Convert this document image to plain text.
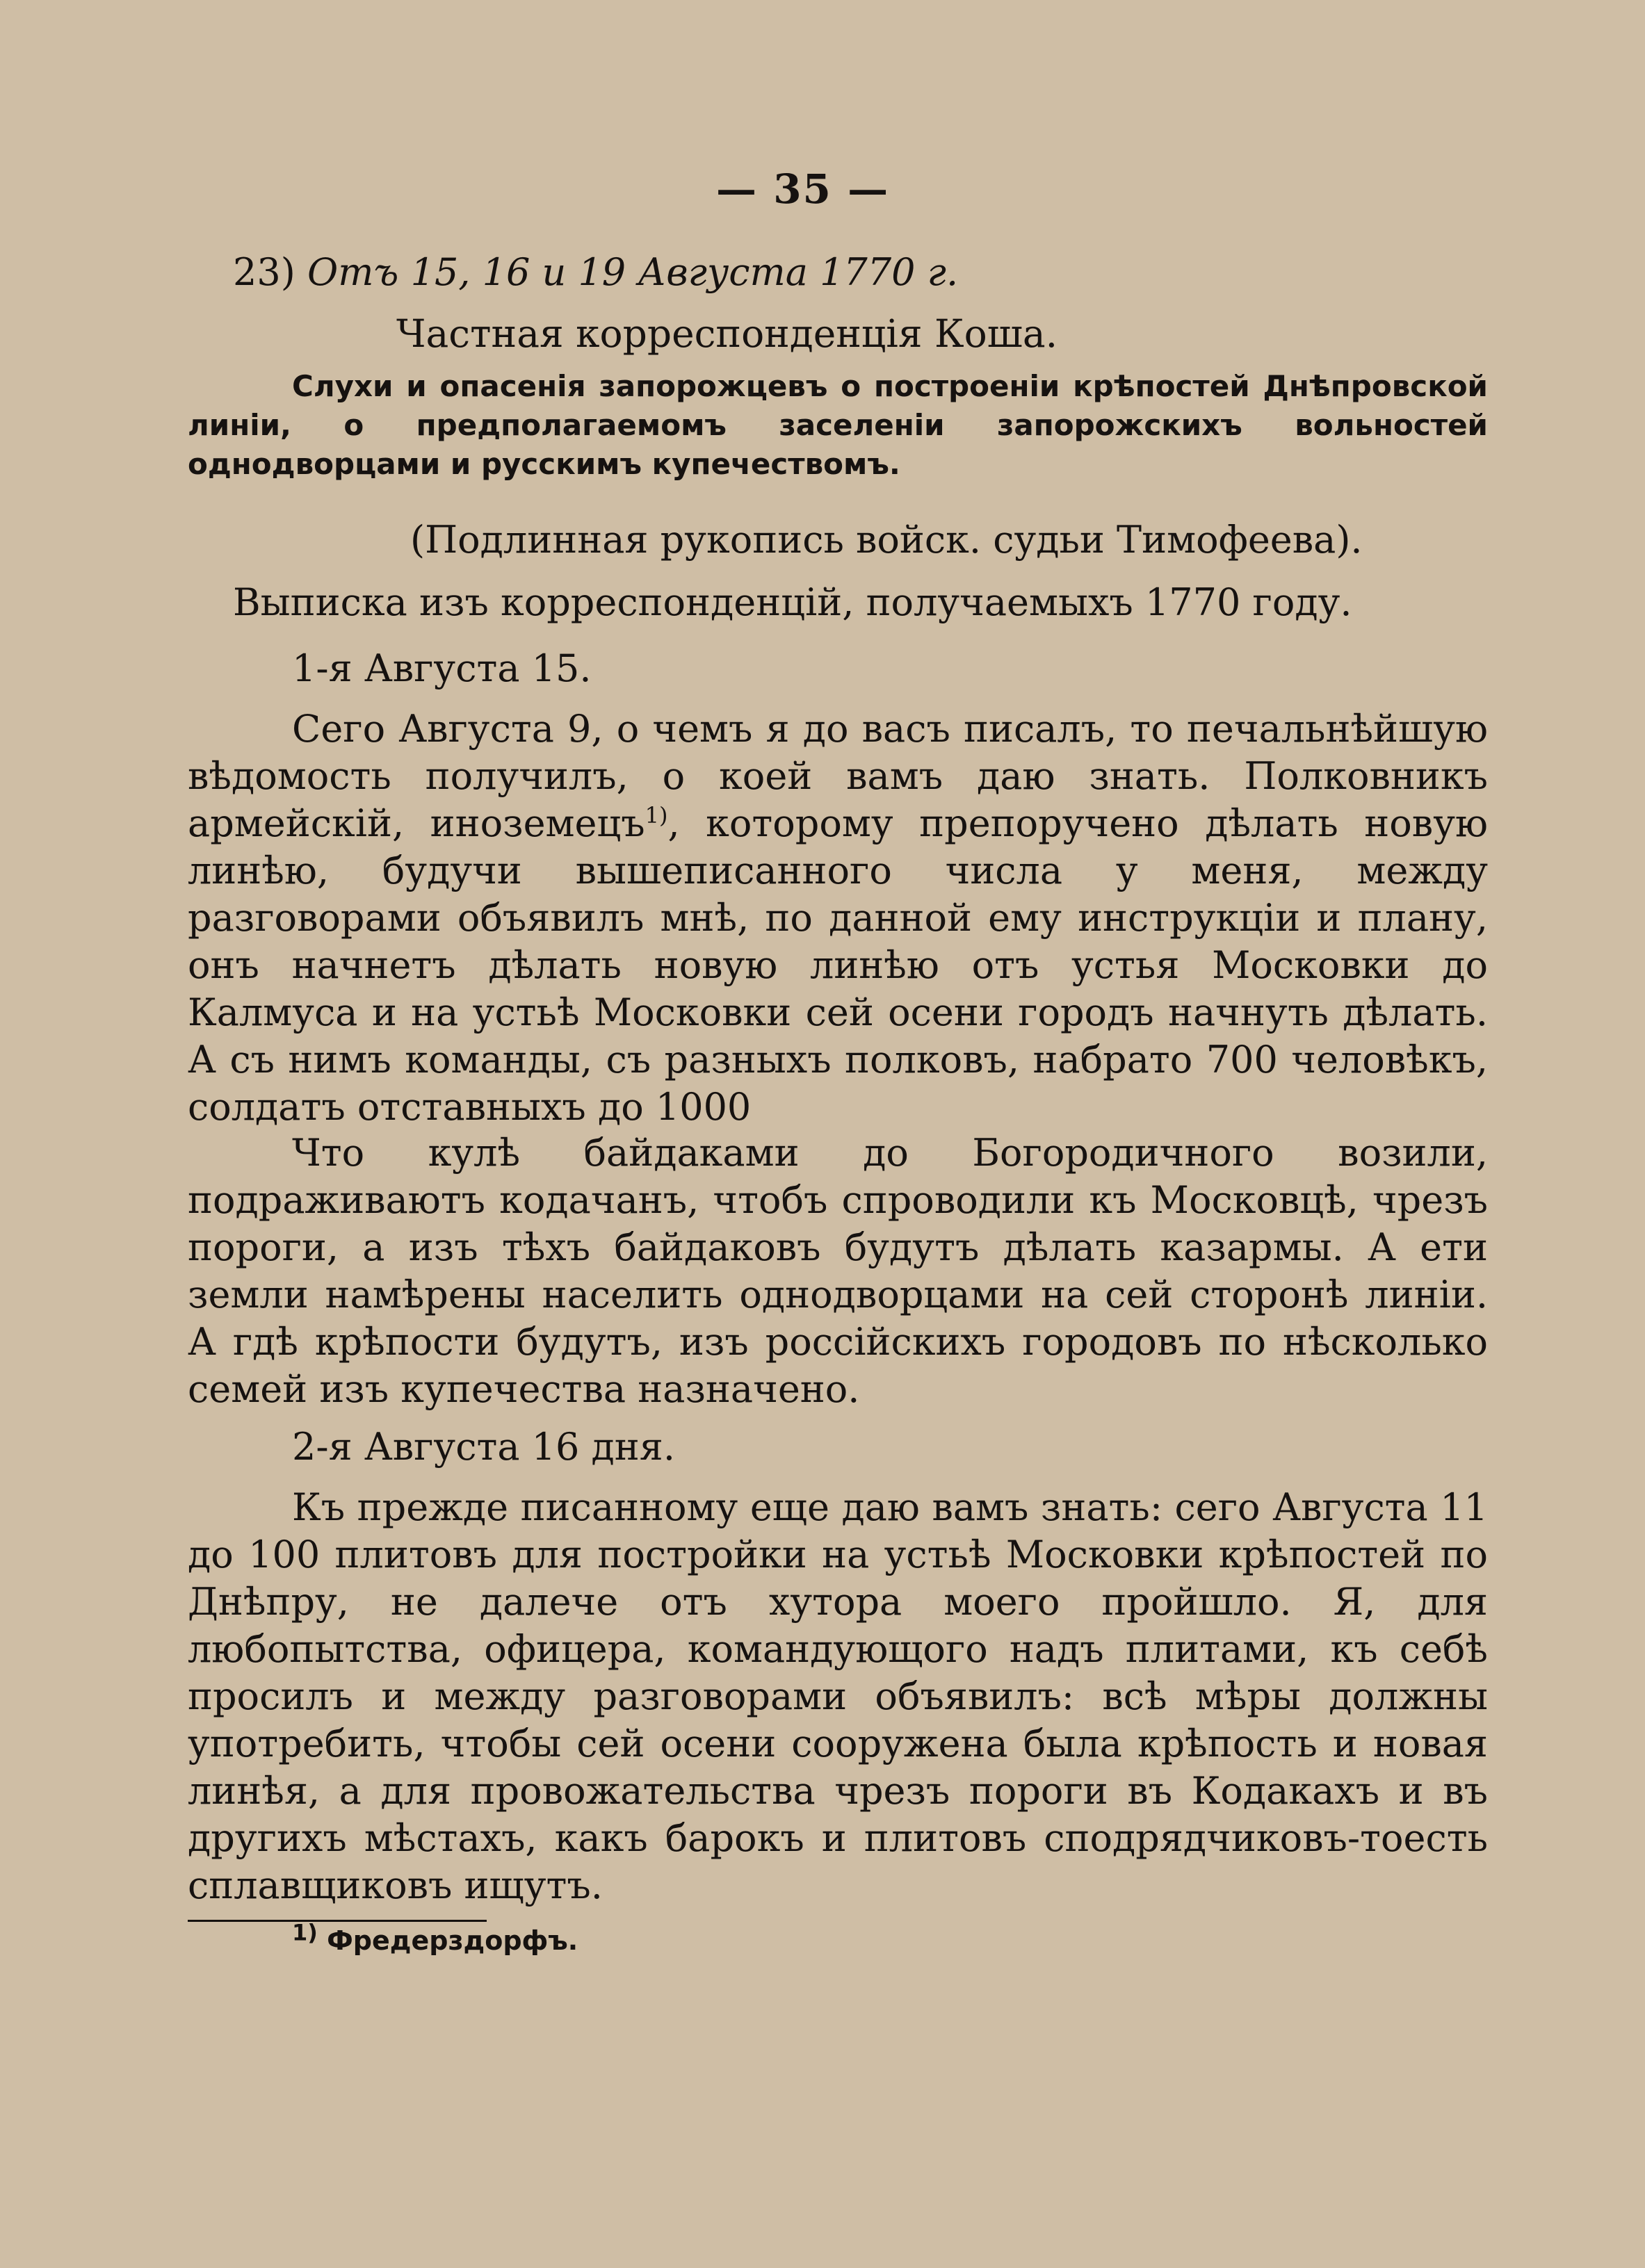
— 35 —
23) Отъ 15, 16 и 19 Августа 1770 г.
Частная корреспонденція Коша.
Слухи и опасенія запорожцевъ о построеніи крѣпостей Днѣпровской линіи, о предполагаемомъ заселеніи запорожскихъ вольностей однодворцами и русскимъ купечествомъ.
(Подлинная рукопись войск. судьи Тимофеева).
Выписка изъ корреспонденцій, получаемыхъ 1770 году.
1-я Августа 15.
Сего Августа 9, о чемъ я до васъ писалъ, то печальнѣйшую вѣдомость получилъ, о коей вамъ даю знать. Полковникъ армейскій, иноземецъ$^{1)}$, которому препоручено дѣлать новую линѣю, будучи вышеписанного числа у меня, между разговорами объявилъ мнѣ, по данной ему инструкціи и плану, онъ начнетъ дѣлать новую линѣю отъ устья Московки до Калмуса и на устьѣ Московки сей осени городъ начнуть дѣлать. А съ нимъ команды, съ разныхъ полковъ, набрато 700 человѣкъ, солдатъ отставныхъ до 1000
Что кулѣ байдаками до Богородичного возили, подраживаютъ кодачанъ, чтобъ спроводили къ Московцѣ, чрезъ пороги, а изъ тѣхъ байдаковъ будутъ дѣлать казармы. А ети земли намѣрены населить однодворцами на сей сторонѣ линіи. А гдѣ крѣпости будутъ, изъ россійскихъ городовъ по нѣсколько семей изъ купечества назначено.
2-я Августа 16 дня.
Къ прежде писанному еще даю вамъ знать: сего Августа 11 до 100 плитовъ для постройки на устьѣ Московки крѣпостей по Днѣпру, не далече отъ хутора моего пройшло. Я, для любопытства, офицера, командующого надъ плитами, къ себѣ просилъ и между разговорами объявилъ: всѣ мѣры должны употребить, чтобы сей осени сооружена была крѣпость и новая линѣя, а для провожательства чрезъ пороги въ Кодакахъ и въ другихъ мѣстахъ, какъ барокъ и плитовъ сподрядчиковъ-тоесть сплавщиковъ ищутъ.
$^{1)}$ Фредерздорфъ.
